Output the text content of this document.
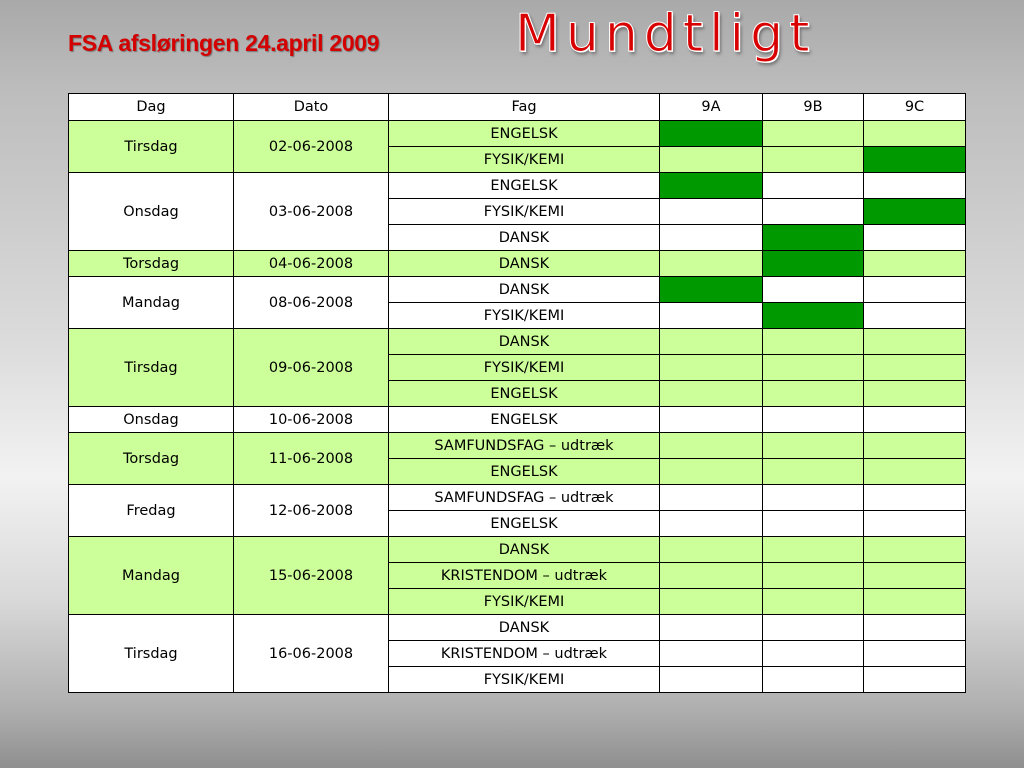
FSA afsløringen 24.april 2009	Mundtligt
Dag	Dato	Fag	9A	9B	9C
Tirsdag	02-06-2008	ENGELSK			
		FYSIK/KEMI			
Onsdag	03-06-2008	ENGELSK			
		FYSIK/KEMI			
		DANSK			
Torsdag	04-06-2008	DANSK			
Mandag	08-06-2008	DANSK			
		FYSIK/KEMI			
Tirsdag	09-06-2008	DANSK			
		FYSIK/KEMI			
		ENGELSK			
Onsdag	10-06-2008	ENGELSK			
Torsdag	11-06-2008	SAMFUNDSFAG – udtræk			
		ENGELSK			
Fredag	12-06-2008	SAMFUNDSFAG – udtræk			
		ENGELSK			
Mandag	15-06-2008	DANSK			
		KRISTENDOM – udtræk			
		FYSIK/KEMI			
Tirsdag	16-06-2008	DANSK			
		KRISTENDOM – udtræk			
		FYSIK/KEMI			
